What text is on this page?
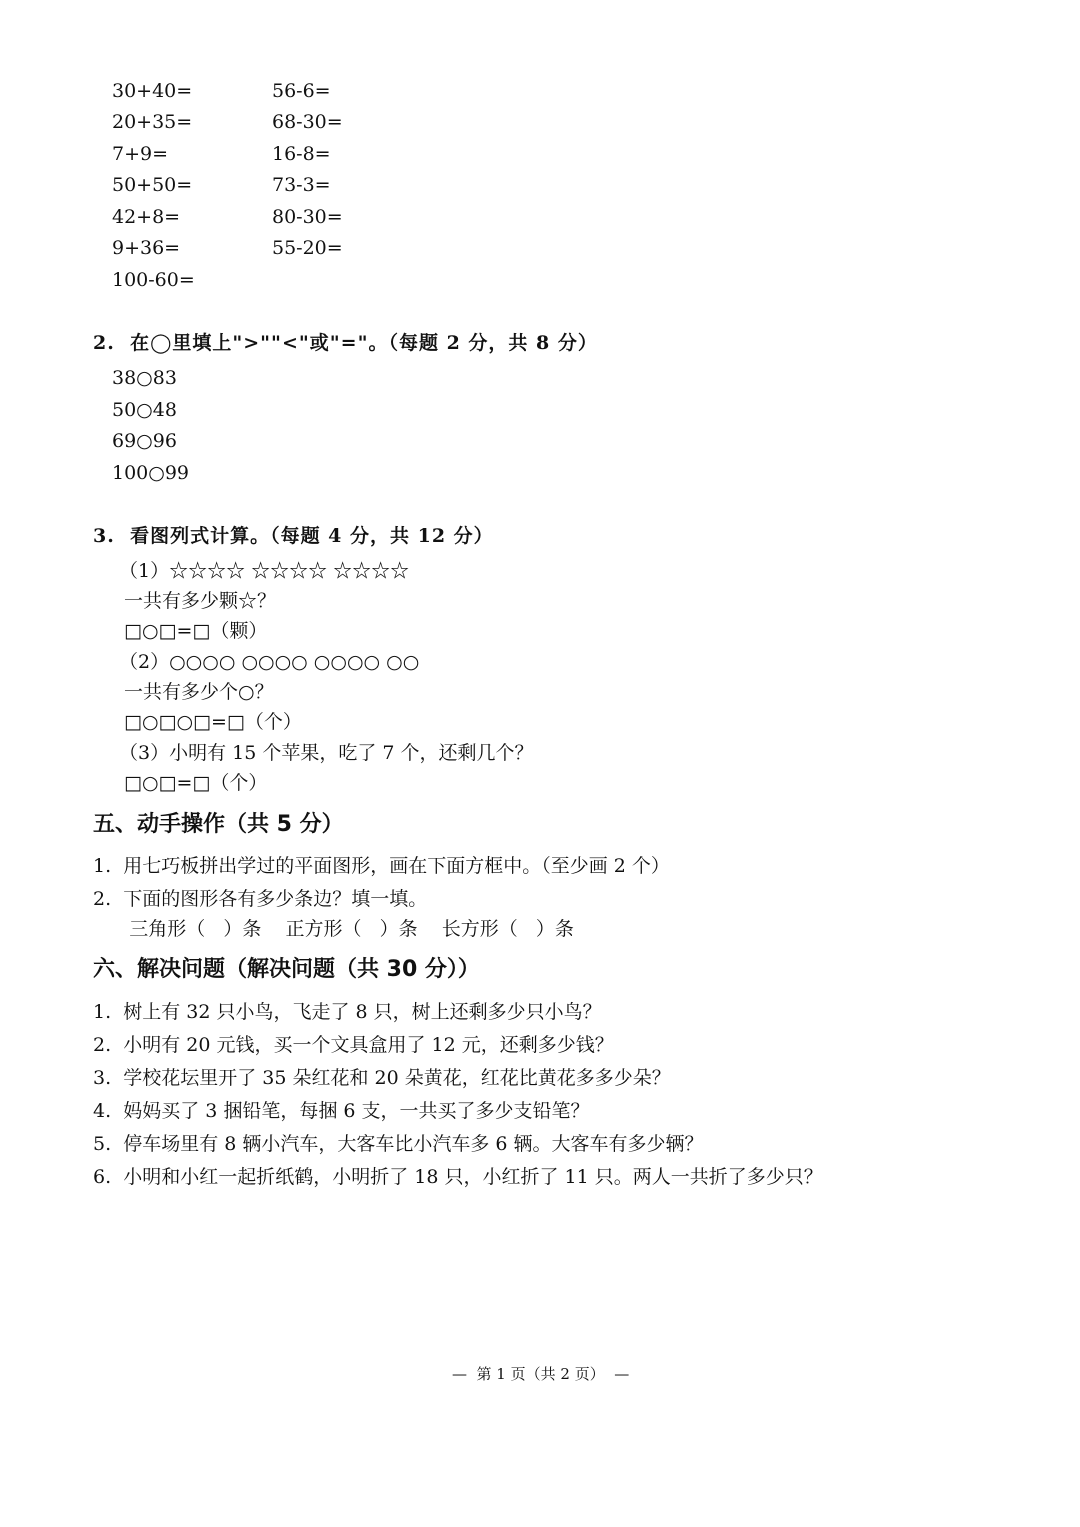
30+40=
20+35=
7+9=
50+50=
42+8=
9+36=
100-60=
56-6=
68-30=
16-8=
73-3=
80-30=
55-20=
2.  在◯里填上">""<"或"="。（每题 2 分，共 8 分）
38○83
50○48
69○96
100○99
3.  看图列式计算。（每题 4 分，共 12 分）
（1）☆☆☆☆ ☆☆☆☆ ☆☆☆☆
一共有多少颗☆？
□○□=□（颗）
（2）○○○○ ○○○○ ○○○○ ○○
一共有多少个○？
□○□○□=□（个）
（3）小明有 15 个苹果，吃了 7 个，还剩几个？
□○□=□（个）
五、动手操作（共 5 分）
1.  用七巧板拼出学过的平面图形，画在下面方框中。（至少画 2 个）
2.  下面的图形各有多少条边？填一填。
三角形（   ）条    正方形（   ）条    长方形（   ）条
六、解决问题（解决问题（共 30 分））
1.  树上有 32 只小鸟，飞走了 8 只，树上还剩多少只小鸟？
2.  小明有 20 元钱，买一个文具盒用了 12 元，还剩多少钱？
3.  学校花坛里开了 35 朵红花和 20 朵黄花，红花比黄花多多少朵？
4.  妈妈买了 3 捆铅笔，每捆 6 支，一共买了多少支铅笔？
5.  停车场里有 8 辆小汽车，大客车比小汽车多 6 辆。大客车有多少辆？
6.  小明和小红一起折纸鹤，小明折了 18 只，小红折了 11 只。两人一共折了多少只？
—  第 1 页（共 2 页）  —
